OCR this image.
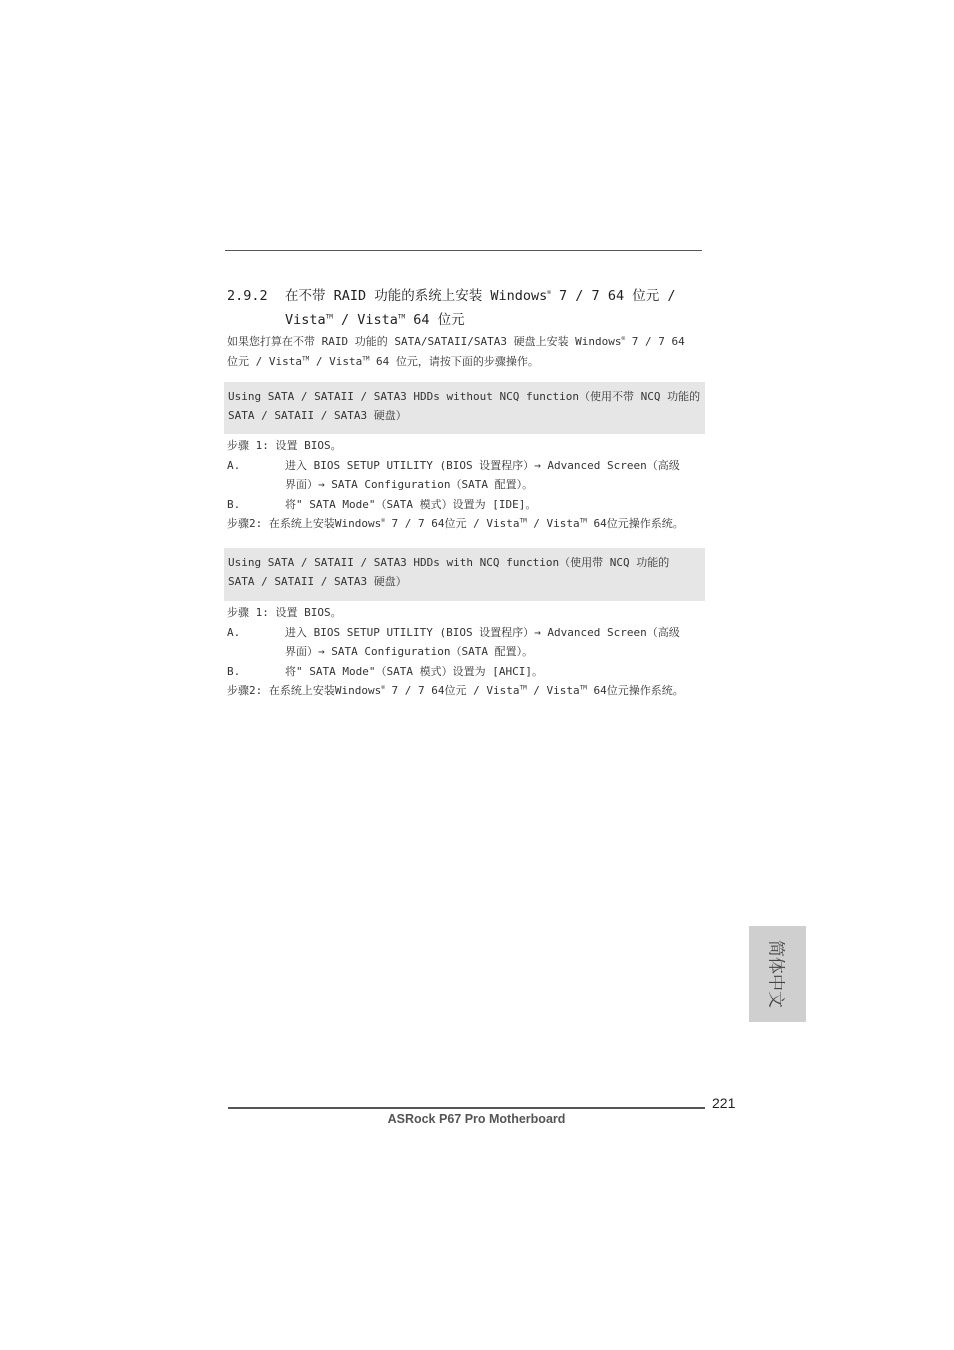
2.9.2 在不带 RAID 功能的系统上安装 Windows® 7 / 7 64 位元 /
Vista™ / Vista™ 64 位元
如果您打算在不带 RAID 功能的 SATA/SATAII/SATA3 硬盘上安装 Windows® 7 / 7 64
位元 / Vista™ / Vista™ 64 位元，请按下面的步骤操作。
Using SATA / SATAII / SATA3 HDDs without NCQ function（使用不带 NCQ 功能的 SATA / SATAII / SATA3 硬盘）
步骤 1: 设置 BIOS。
A.	进入 BIOS SETUP UTILITY (BIOS 设置程序）→ Advanced Screen（高级
界面）→ SATA Configuration（SATA 配置）。
B.	将" SATA Mode"（SATA 模式）设置为 [IDE]。
步骤2: 在系统上安装Windows® 7 / 7 64位元 / Vista™ / Vista™ 64位元操作系统。
Using SATA / SATAII / SATA3 HDDs with NCQ function（使用带 NCQ 功能的 SATA / SATAII / SATA3 硬盘）
步骤 1: 设置 BIOS。
A.	进入 BIOS SETUP UTILITY (BIOS 设置程序）→ Advanced Screen（高级
界面）→ SATA Configuration（SATA 配置）。
B.	将" SATA Mode"（SATA 模式）设置为 [AHCI]。
步骤2: 在系统上安装Windows® 7 / 7 64位元 / Vista™ / Vista™ 64位元操作系统。
简体中文
221
ASRock P67 Pro Motherboard
